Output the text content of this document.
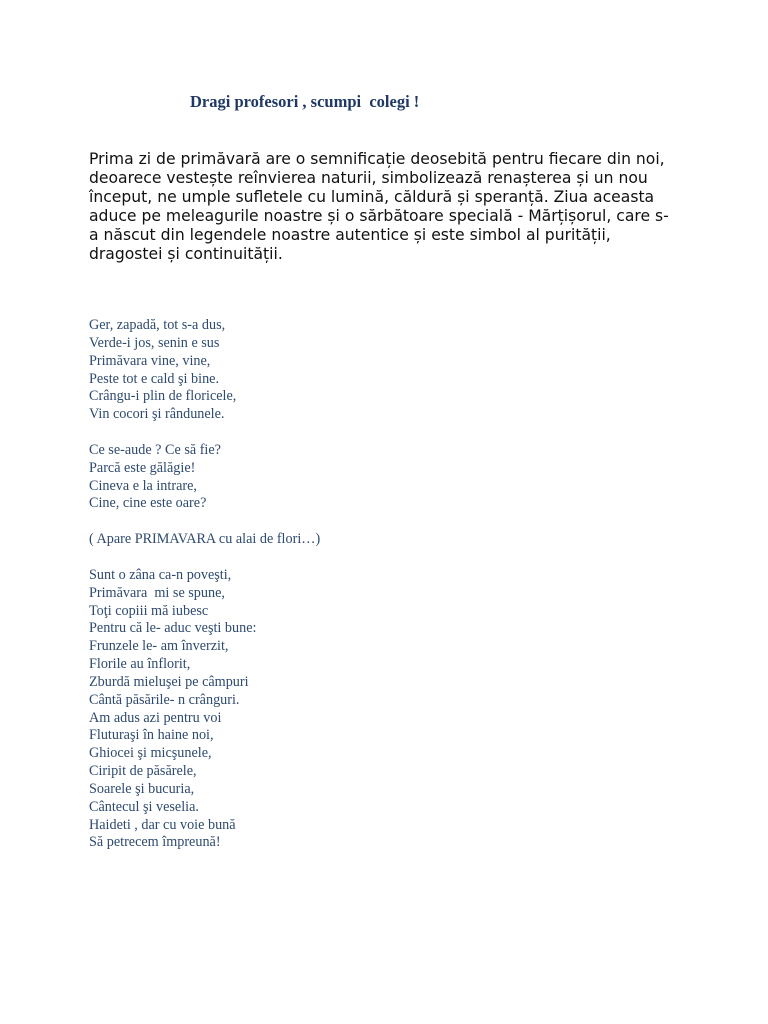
Dragi profesori , scumpi  colegi !
Prima zi de primăvară are o semnificație deosebită pentru fiecare din noi,
deoarece vestește reînvierea naturii, simbolizează renașterea și un nou
început, ne umple sufletele cu lumină, căldură și speranță. Ziua aceasta
aduce pe meleagurile noastre și o sărbătoare specială - Mărțișorul, care s-
a născut din legendele noastre autentice și este simbol al purității,
dragostei și continuității.
Ger, zapadă, tot s-a dus,
Verde-i jos, senin e sus
Primăvara vine, vine,
Peste tot e cald şi bine.
Crângu-i plin de floricele,
Vin cocori şi rândunele.
Ce se-aude ? Ce să fie?
Parcă este gălăgie!
Cineva e la intrare,
Cine, cine este oare?
( Apare PRIMAVARA cu alai de flori…)
Sunt o zâna ca-n poveşti,
Primăvara  mi se spune,
Toţi copiii mă iubesc
Pentru că le- aduc veşti bune:
Frunzele le- am înverzit,
Florile au înflorit,
Zburdă mieluşei pe câmpuri
Cântă păsările- n crânguri.
Am adus azi pentru voi
Fluturaşi în haine noi,
Ghiocei şi micşunele,
Ciripit de păsărele,
Soarele şi bucuria,
Cântecul şi veselia.
Haideti , dar cu voie bună
Să petrecem împreună!
